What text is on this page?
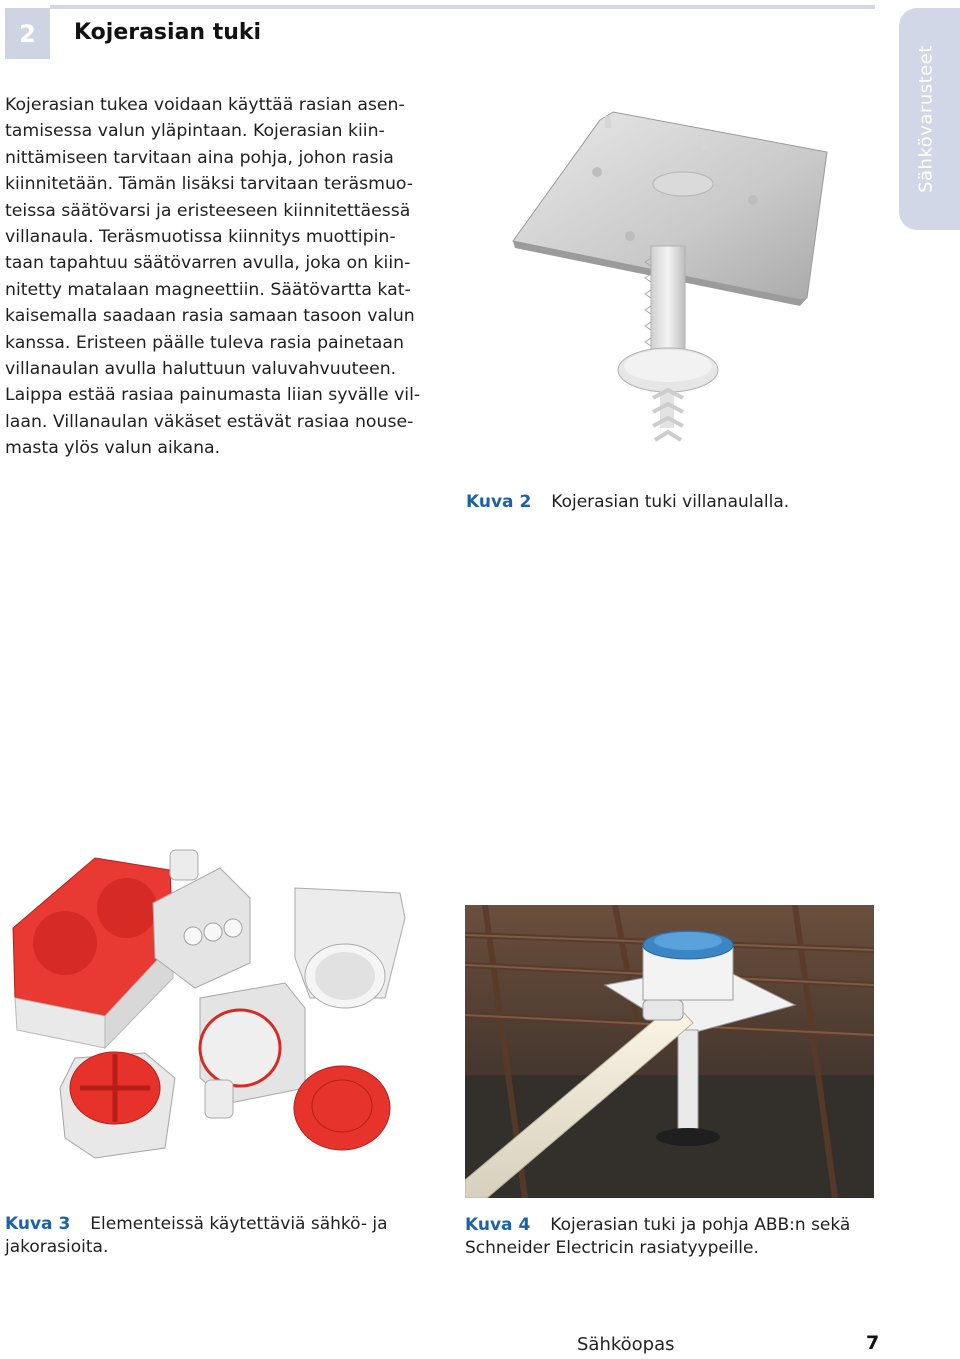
2	Kojerasian tuki
Sähkövarusteet
Kojerasian tukea voidaan käyttää rasian asen-
tamisessa valun yläpintaan. Kojerasian kiin-
nittämiseen tarvitaan aina pohja, johon rasia
kiinnitetään. Tämän lisäksi tarvitaan teräsmuo-
teissa säätövarsi ja eristeeseen kiinnitettäessä
villanaula. Teräsmuotissa kiinnitys muottipin-
taan tapahtuu säätövarren avulla, joka on kiin-
nitetty matalaan magneettiin. Säätövartta kat-
kaisemalla saadaan rasia samaan tasoon valun
kanssa. Eristeen päälle tuleva rasia painetaan
villanaulan avulla haluttuun valuvahvuuteen.
Laippa estää rasiaa painumasta liian syvälle vil-
laan. Villanaulan väkäset estävät rasiaa nouse-
masta ylös valun aikana.
Kuva 2 Kojerasian tuki villanaulalla.
Kuva 3 Elementeissä käytettäviä sähkö- ja
jakorasioita.
Kuva 4 Kojerasian tuki ja pohja ABB:n sekä
Schneider Electricin rasiatyypeille.
Sähköopas	7
